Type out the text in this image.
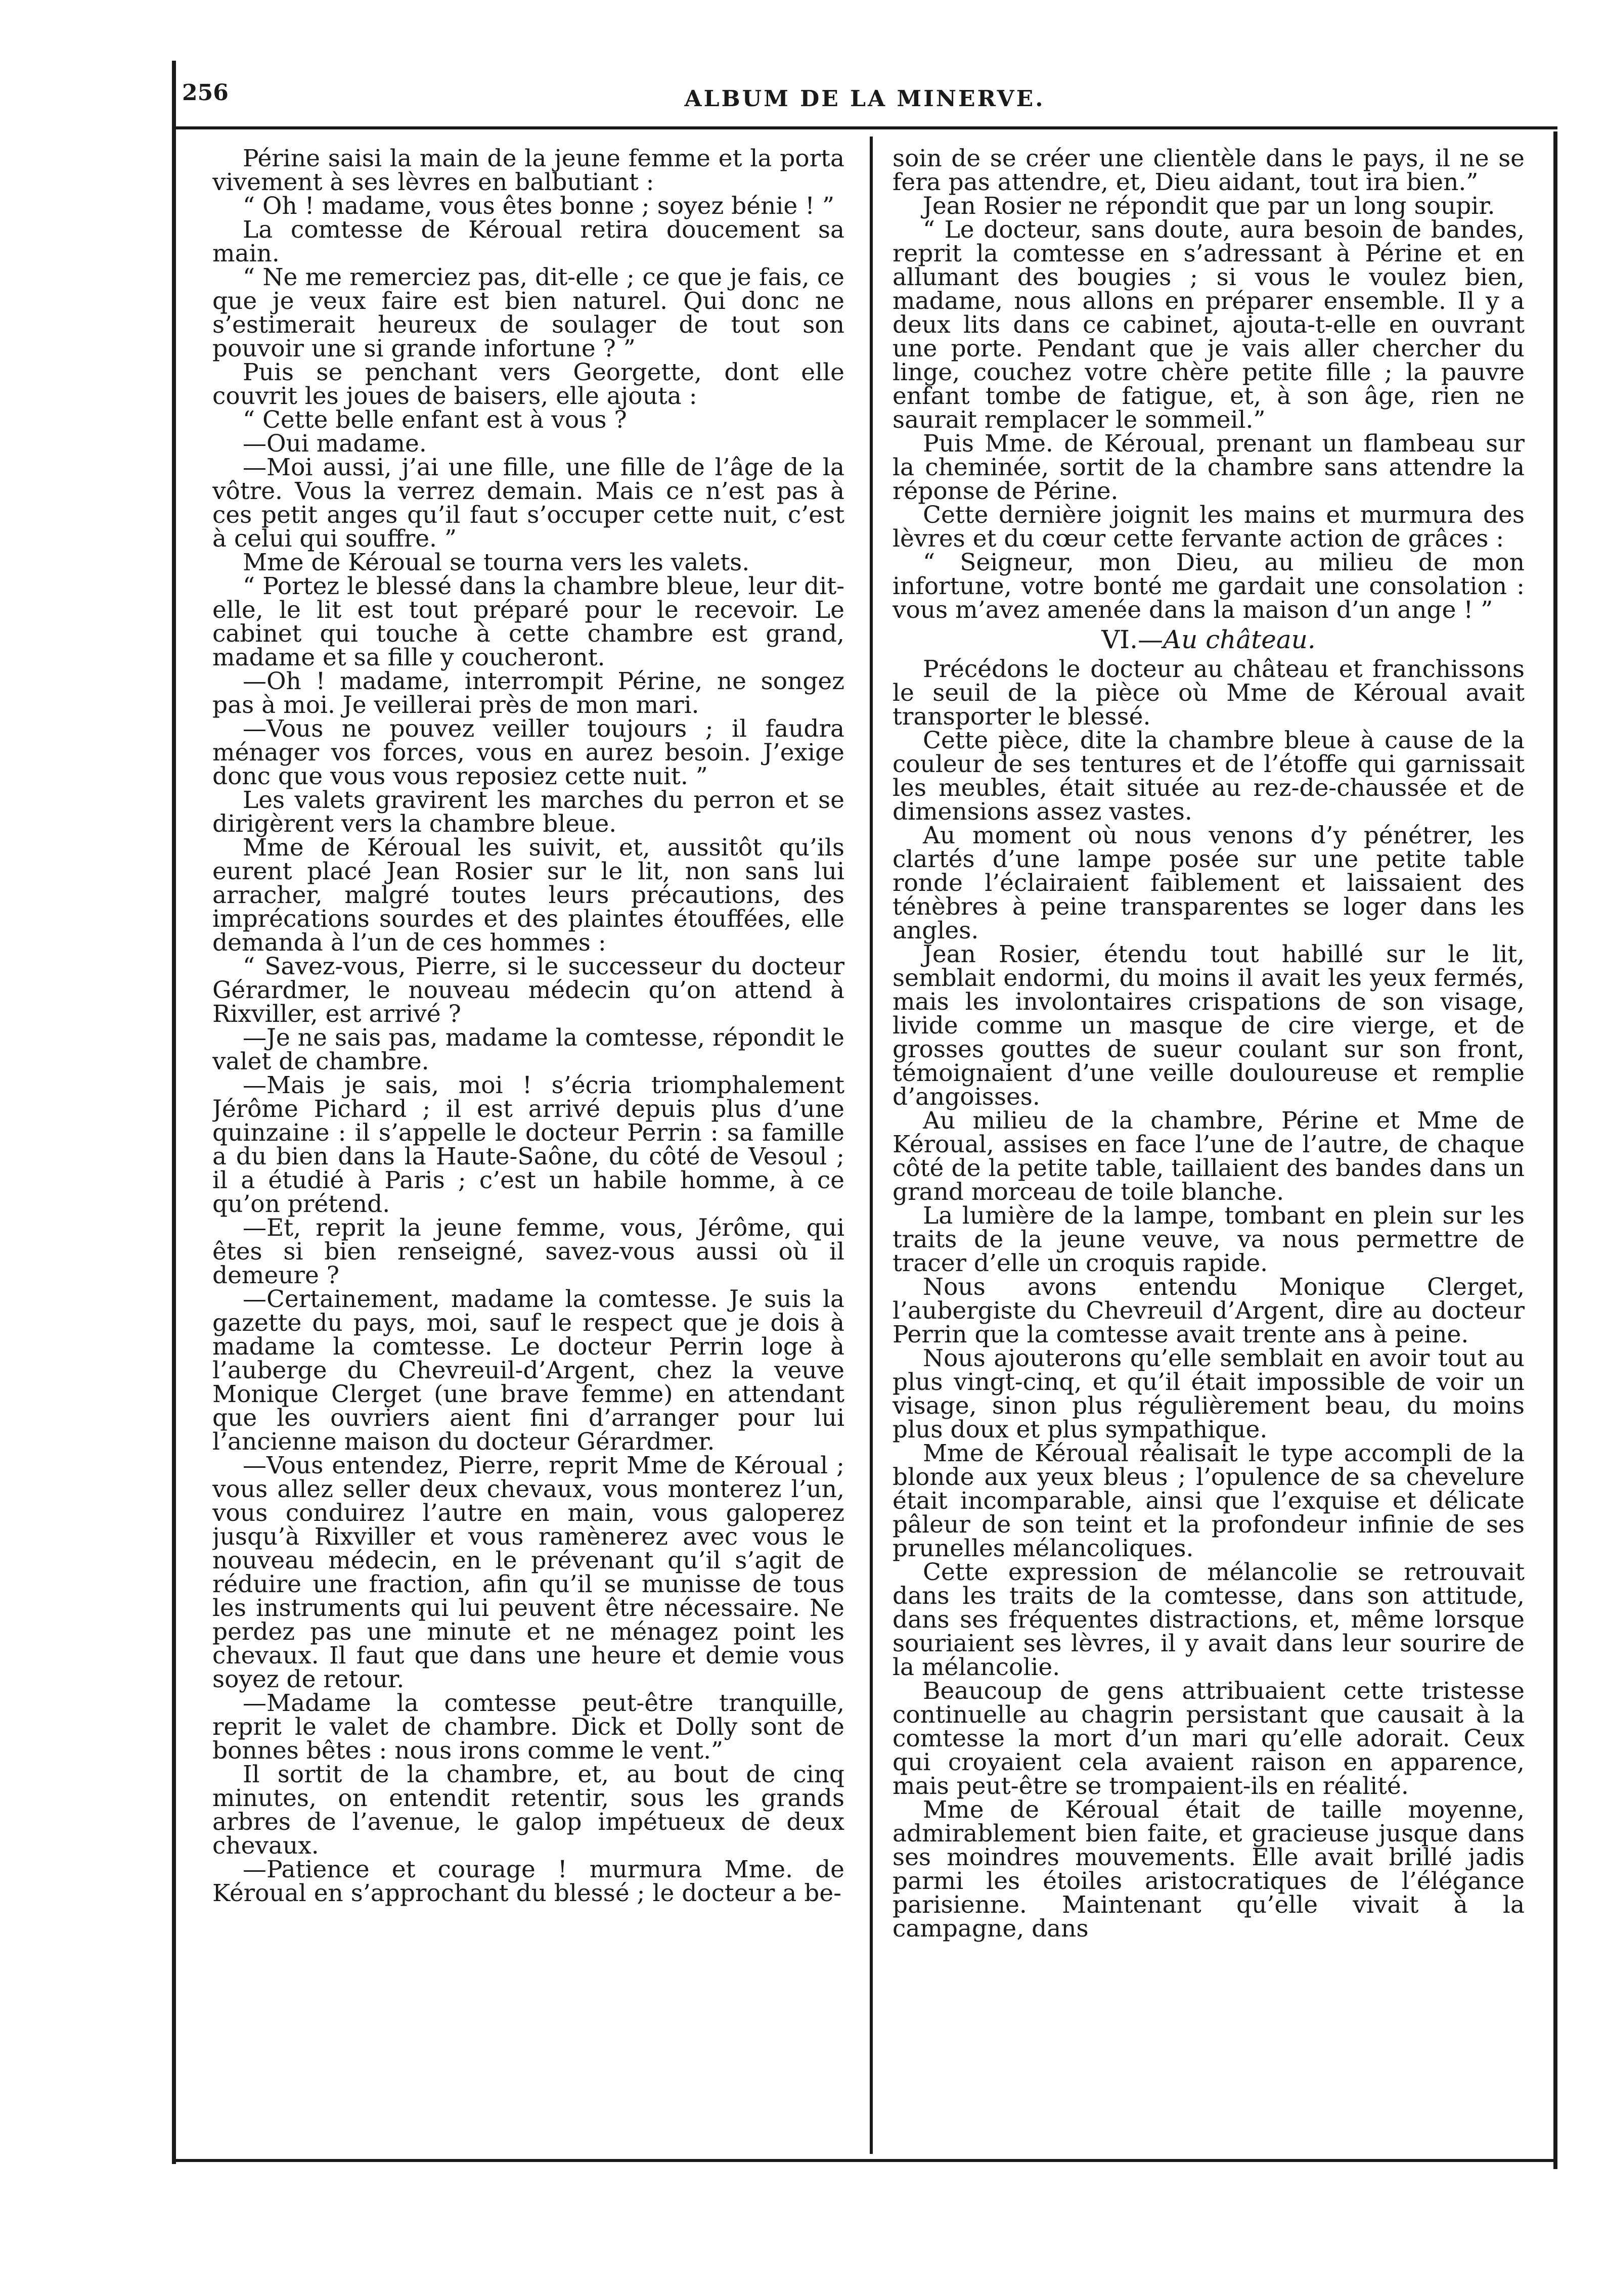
256	ALBUM DE LA MINERVE.

Périne saisi la main de la jeune femme et la porta vivement à ses lèvres en balbutiant :

“ Oh ! madame, vous êtes bonne ; soyez bénie ! ”

La comtesse de Kéroual retira doucement sa main.

“ Ne me remerciez pas, dit-elle ; ce que je fais, ce que je veux faire est bien naturel. Qui donc ne s’estimerait heureux de soulager de tout son pouvoir une si grande infortune ? ”

Puis se penchant vers Georgette, dont elle couvrit les joues de baisers, elle ajouta :

“ Cette belle enfant est à vous ?

—Oui madame.

—Moi aussi, j’ai une fille, une fille de l’âge de la vôtre. Vous la verrez demain. Mais ce n’est pas à ces petit anges qu’il faut s’occuper cette nuit, c’est à celui qui souffre. ”

Mme de Kéroual se tourna vers les valets.

“ Portez le blessé dans la chambre bleue, leur dit-elle, le lit est tout préparé pour le recevoir. Le cabinet qui touche à cette chambre est grand, madame et sa fille y coucheront.

—Oh ! madame, interrompit Périne, ne songez pas à moi. Je veillerai près de mon mari.

—Vous ne pouvez veiller toujours ; il faudra ménager vos forces, vous en aurez besoin. J’exige donc que vous vous reposiez cette nuit. ”

Les valets gravirent les marches du perron et se dirigèrent vers la chambre bleue.

Mme de Kéroual les suivit, et, aussitôt qu’ils eurent placé Jean Rosier sur le lit, non sans lui arracher, malgré toutes leurs précautions, des imprécations sourdes et des plaintes étouffées, elle demanda à l’un de ces hommes :

“ Savez-vous, Pierre, si le successeur du docteur Gérardmer, le nouveau médecin qu’on attend à Rixviller, est arrivé ?

—Je ne sais pas, madame la comtesse, répondit le valet de chambre.

—Mais je sais, moi ! s’écria triomphalement Jérôme Pichard ; il est arrivé depuis plus d’une quinzaine : il s’appelle le docteur Perrin : sa famille a du bien dans la Haute-Saône, du côté de Vesoul ; il a étudié à Paris ; c’est un habile homme, à ce qu’on prétend.

—Et, reprit la jeune femme, vous, Jérôme, qui êtes si bien renseigné, savez-vous aussi où il demeure ?

—Certainement, madame la comtesse. Je suis la gazette du pays, moi, sauf le respect que je dois à madame la comtesse. Le docteur Perrin loge à l’auberge du Chevreuil-d’Argent, chez la veuve Monique Clerget (une brave femme) en attendant que les ouvriers aient fini d’arranger pour lui l’ancienne maison du docteur Gérardmer.

—Vous entendez, Pierre, reprit Mme de Kéroual ; vous allez seller deux chevaux, vous monterez l’un, vous conduirez l’autre en main, vous galoperez jusqu’à Rixviller et vous ramènerez avec vous le nouveau médecin, en le prévenant qu’il s’agit de réduire une fraction, afin qu’il se munisse de tous les instruments qui lui peuvent être nécessaire. Ne perdez pas une minute et ne ménagez point les chevaux. Il faut que dans une heure et demie vous soyez de retour.

—Madame la comtesse peut-être tranquille, reprit le valet de chambre. Dick et Dolly sont de bonnes bêtes : nous irons comme le vent.”

Il sortit de la chambre, et, au bout de cinq minutes, on entendit retentir, sous les grands arbres de l’avenue, le galop impétueux de deux chevaux.

—Patience et courage ! murmura Mme. de Kéroual en s’approchant du blessé ; le docteur a be-

soin de se créer une clientèle dans le pays, il ne se fera pas attendre, et, Dieu aidant, tout ira bien.”

Jean Rosier ne répondit que par un long soupir.

“ Le docteur, sans doute, aura besoin de bandes, reprit la comtesse en s’adressant à Périne et en allumant des bougies ; si vous le voulez bien, madame, nous allons en préparer ensemble. Il y a deux lits dans ce cabinet, ajouta-t-elle en ouvrant une porte. Pendant que je vais aller chercher du linge, couchez votre chère petite fille ; la pauvre enfant tombe de fatigue, et, à son âge, rien ne saurait remplacer le sommeil.”

Puis Mme. de Kéroual, prenant un flambeau sur la cheminée, sortit de la chambre sans attendre la réponse de Périne.

Cette dernière joignit les mains et murmura des lèvres et du cœur cette fervante action de grâces :

“ Seigneur, mon Dieu, au milieu de mon infortune, votre bonté me gardait une consolation : vous m’avez amenée dans la maison d’un ange ! ”

VI.—Au château.

Précédons le docteur au château et franchissons le seuil de la pièce où Mme de Kéroual avait transporter le blessé.

Cette pièce, dite la chambre bleue à cause de la couleur de ses tentures et de l’étoffe qui garnissait les meubles, était située au rez-de-chaussée et de dimensions assez vastes.

Au moment où nous venons d’y pénétrer, les clartés d’une lampe posée sur une petite table ronde l’éclairaient faiblement et laissaient des ténèbres à peine transparentes se loger dans les angles.

Jean Rosier, étendu tout habillé sur le lit, semblait endormi, du moins il avait les yeux fermés, mais les involontaires crispations de son visage, livide comme un masque de cire vierge, et de grosses gouttes de sueur coulant sur son front, témoignaient d’une veille douloureuse et remplie d’angoisses.

Au milieu de la chambre, Périne et Mme de Kéroual, assises en face l’une de l’autre, de chaque côté de la petite table, taillaient des bandes dans un grand morceau de toile blanche.

La lumière de la lampe, tombant en plein sur les traits de la jeune veuve, va nous permettre de tracer d’elle un croquis rapide.

Nous avons entendu Monique Clerget, l’aubergiste du Chevreuil d’Argent, dire au docteur Perrin que la comtesse avait trente ans à peine.

Nous ajouterons qu’elle semblait en avoir tout au plus vingt-cinq, et qu’il était impossible de voir un visage, sinon plus régulièrement beau, du moins plus doux et plus sympathique.

Mme de Kéroual réalisait le type accompli de la blonde aux yeux bleus ; l’opulence de sa chevelure était incomparable, ainsi que l’exquise et délicate pâleur de son teint et la profondeur infinie de ses prunelles mélancoliques.

Cette expression de mélancolie se retrouvait dans les traits de la comtesse, dans son attitude, dans ses fréquentes distractions, et, même lorsque souriaient ses lèvres, il y avait dans leur sourire de la mélancolie.

Beaucoup de gens attribuaient cette tristesse continuelle au chagrin persistant que causait à la comtesse la mort d’un mari qu’elle adorait. Ceux qui croyaient cela avaient raison en apparence, mais peut-être se trompaient-ils en réalité.

Mme de Kéroual était de taille moyenne, admirablement bien faite, et gracieuse jusque dans ses moindres mouvements. Elle avait brillé jadis parmi les étoiles aristocratiques de l’élégance parisienne. Maintenant qu’elle vivait à la campagne, dans
